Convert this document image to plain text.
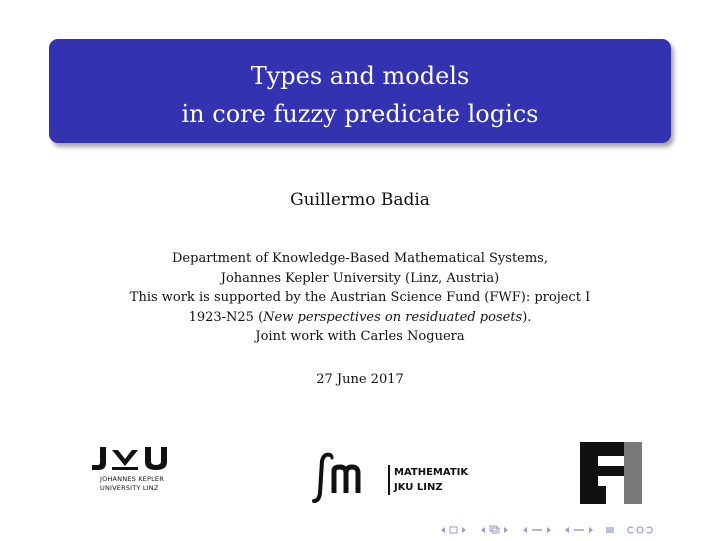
Types and models
in core fuzzy predicate logics
Guillermo Badia
Department of Knowledge-Based Mathematical Systems,
Johannes Kepler University (Linz, Austria)
This work is supported by the Austrian Science Fund (FWF): project I
1923-N25 (New perspectives on residuated posets).
Joint work with Carles Noguera
27 June 2017
JOHANNES KEPLER
UNIVERSITY LINZ
MATHEMATIK
JKU LINZ
